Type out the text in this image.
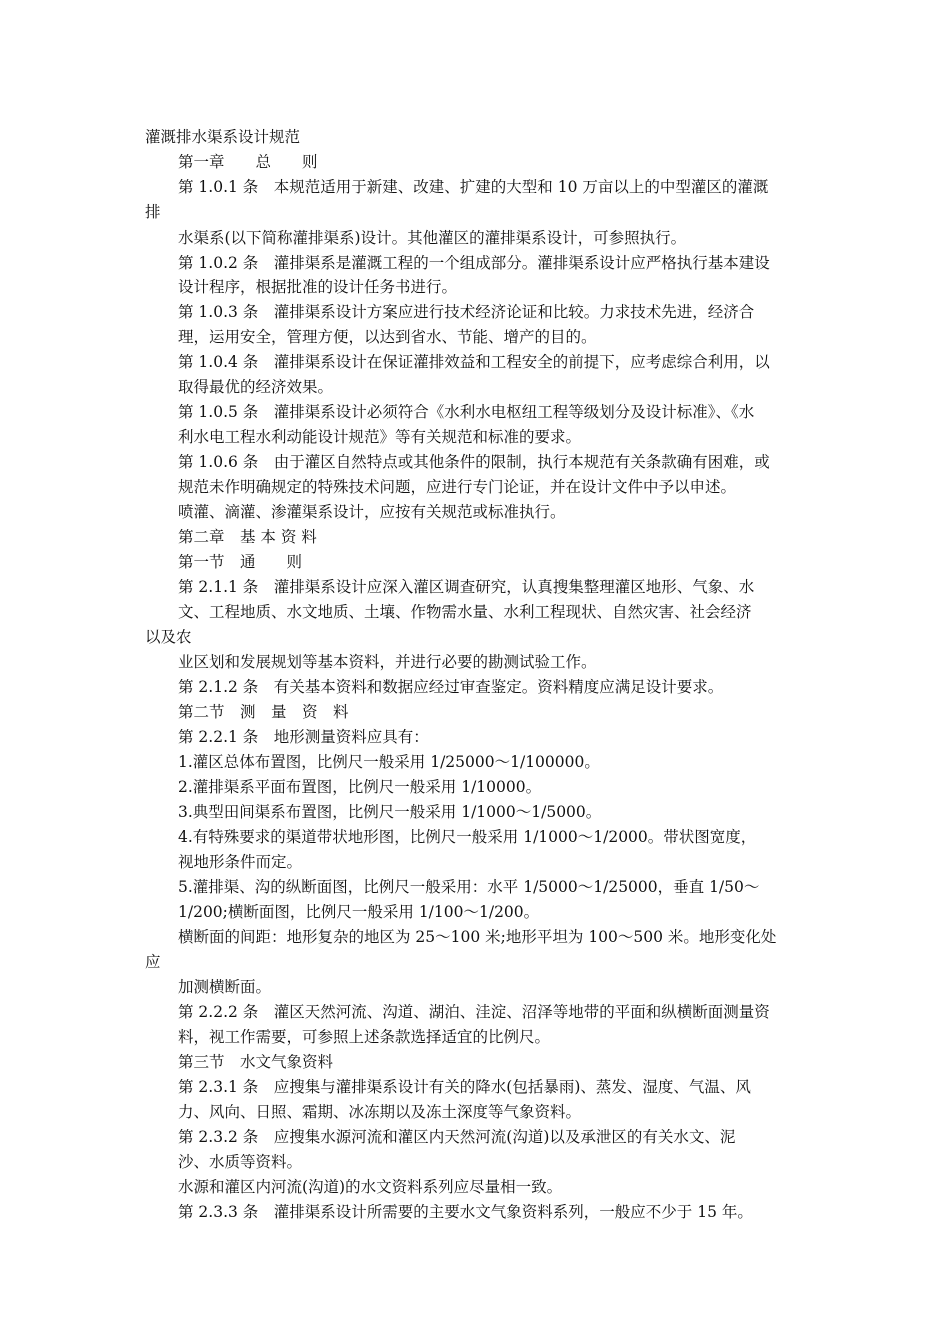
灌溉排水渠系设计规范
第一章　　总　　则
第 1.0.1 条　本规范适用于新建、改建、扩建的大型和 10 万亩以上的中型灌区的灌溉
排
水渠系(以下简称灌排渠系)设计。其他灌区的灌排渠系设计，可参照执行。
第 1.0.2 条　灌排渠系是灌溉工程的一个组成部分。灌排渠系设计应严格执行基本建设
设计程序，根据批准的设计任务书进行。
第 1.0.3 条　灌排渠系设计方案应进行技术经济论证和比较。力求技术先进，经济合
理，运用安全，管理方便，以达到省水、节能、增产的目的。
第 1.0.4 条　灌排渠系设计在保证灌排效益和工程安全的前提下，应考虑综合利用，以
取得最优的经济效果。
第 1.0.5 条　灌排渠系设计必须符合《水利水电枢纽工程等级划分及设计标准》、《水
利水电工程水利动能设计规范》等有关规范和标准的要求。
第 1.0.6 条　由于灌区自然特点或其他条件的限制，执行本规范有关条款确有困难，或
规范未作明确规定的特殊技术问题，应进行专门论证，并在设计文件中予以申述。
喷灌、滴灌、渗灌渠系设计，应按有关规范或标准执行。
第二章　基 本 资 料
第一节　通　　则
第 2.1.1 条　灌排渠系设计应深入灌区调查研究，认真搜集整理灌区地形、气象、水
文、工程地质、水文地质、土壤、作物需水量、水利工程现状、自然灾害、社会经济
以及农
业区划和发展规划等基本资料，并进行必要的勘测试验工作。
第 2.1.2 条　有关基本资料和数据应经过审查鉴定。资料精度应满足设计要求。
第二节　测　量　资　料
第 2.2.1 条　地形测量资料应具有：
1.灌区总体布置图，比例尺一般采用 1/25000～1/100000。
2.灌排渠系平面布置图，比例尺一般采用 1/10000。
3.典型田间渠系布置图，比例尺一般采用 1/1000～1/5000。
4.有特殊要求的渠道带状地形图，比例尺一般采用 1/1000～1/2000。带状图宽度，
视地形条件而定。
5.灌排渠、沟的纵断面图，比例尺一般采用：水平 1/5000～1/25000，垂直 1/50～
1/200;横断面图，比例尺一般采用 1/100～1/200。
横断面的间距：地形复杂的地区为 25～100 米;地形平坦为 100～500 米。地形变化处
应
加测横断面。
第 2.2.2 条　灌区天然河流、沟道、湖泊、洼淀、沼泽等地带的平面和纵横断面测量资
料，视工作需要，可参照上述条款选择适宜的比例尺。
第三节　水文气象资料
第 2.3.1 条　应搜集与灌排渠系设计有关的降水(包括暴雨)、蒸发、湿度、气温、风
力、风向、日照、霜期、冰冻期以及冻土深度等气象资料。
第 2.3.2 条　应搜集水源河流和灌区内天然河流(沟道)以及承泄区的有关水文、泥
沙、水质等资料。
水源和灌区内河流(沟道)的水文资料系列应尽量相一致。
第 2.3.3 条　灌排渠系设计所需要的主要水文气象资料系列，一般应不少于 15 年。
